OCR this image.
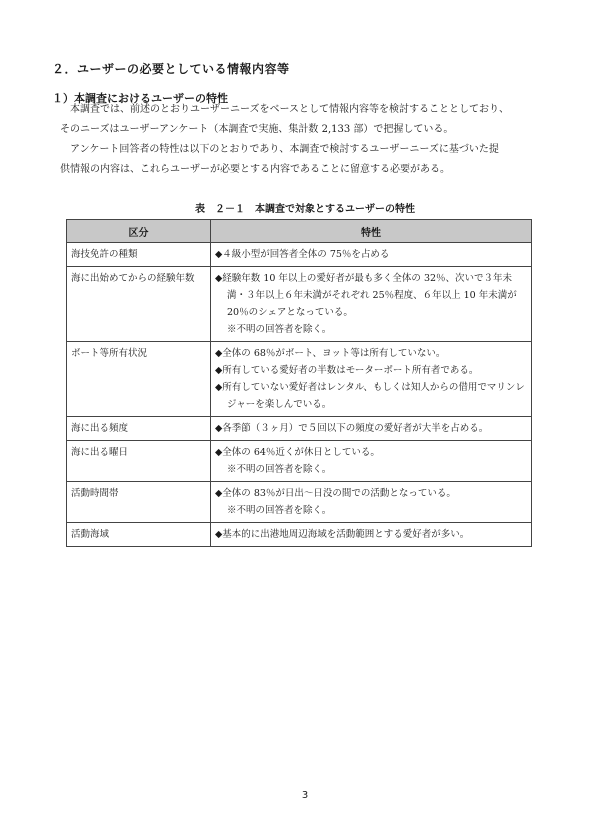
２．ユーザーの必要としている情報内容等
１）本調査におけるユーザーの特性
本調査では、前述のとおりユーザーニーズをベースとして情報内容等を検討することとしており、
そのニーズはユーザーアンケート（本調査で実施、集計数 2,133 部）で把握している。
アンケート回答者の特性は以下のとおりであり、本調査で検討するユーザーニーズに基づいた提
供情報の内容は、これらユーザーが必要とする内容であることに留意する必要がある。
表　２－１　本調査で対象とするユーザーの特性
区分	特性
海技免許の種類	◆４級小型が回答者全体の 75％を占める

海に出始めてからの経験年数	◆経験年数 10 年以上の愛好者が最も多く全体の 32％、次いで３年未満・３年以上６年未満がそれぞれ 25％程度、６年以上 10 年未満が 20％のシェアとなっている。
※不明の回答者を除く。

ボート等所有状況	◆全体の 68％がボート、ヨット等は所有していない。
◆所有している愛好者の半数はモーターボート所有者である。
◆所有していない愛好者はレンタル、もしくは知人からの借用でマリンレジャーを楽しんでいる。

海に出る頻度	◆各季節（３ヶ月）で５回以下の頻度の愛好者が大半を占める。

海に出る曜日	◆全体の 64％近くが休日としている。
※不明の回答者を除く。

活動時間帯	◆全体の 83％が日出～日没の間での活動となっている。
※不明の回答者を除く。

活動海域	◆基本的に出港地周辺海域を活動範囲とする愛好者が多い。
3
